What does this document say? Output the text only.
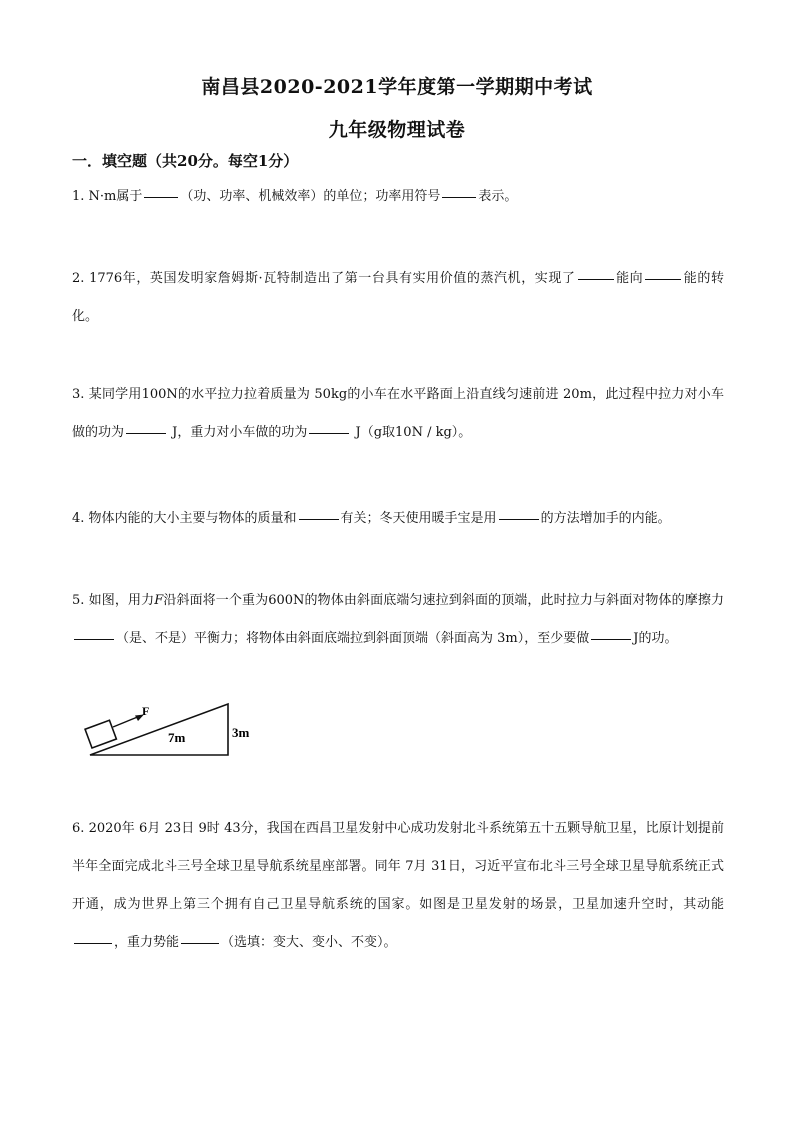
南昌县2020-2021学年度第一学期期中考试
九年级物理试卷
一．填空题（共20分。每空1分）
1. N·m属于	（功、功率、机械效率）的单位；功率用符号	表示。
2. 1776年，英国发明家詹姆斯·瓦特制造出了第一台具有实用价值的蒸汽机，实现了	能向	能的转化。
3. 某同学用100N的水平拉力拉着质量为 50kg的小车在水平路面上沿直线匀速前进 20m，此过程中拉力对小车做的功为	J，重力对小车做的功为	J（g取10N / kg）。
4. 物体内能的大小主要与物体的质量和	有关；冬天使用暖手宝是用	的方法增加手的内能。
5. 如图，用力F沿斜面将一个重为600N的物体由斜面底端匀速拉到斜面的顶端，此时拉力与斜面对物体的摩擦力（是、不是）平衡力；将物体由斜面底端拉到斜面顶端（斜面高为 3m），至少要做	J的功。
F
7m	3m
6. 2020年 6月 23日 9时 43分，我国在西昌卫星发射中心成功发射北斗系统第五十五颗导航卫星，比原计划提前半年全面完成北斗三号全球卫星导航系统星座部署。同年 7月 31日，习近平宣布北斗三号全球卫星导航系统正式开通，成为世界上第三个拥有自己卫星导航系统的国家。如图是卫星发射的场景，卫星加速升空时，其动能，重力势能	（选填：变大、变小、不变）。
